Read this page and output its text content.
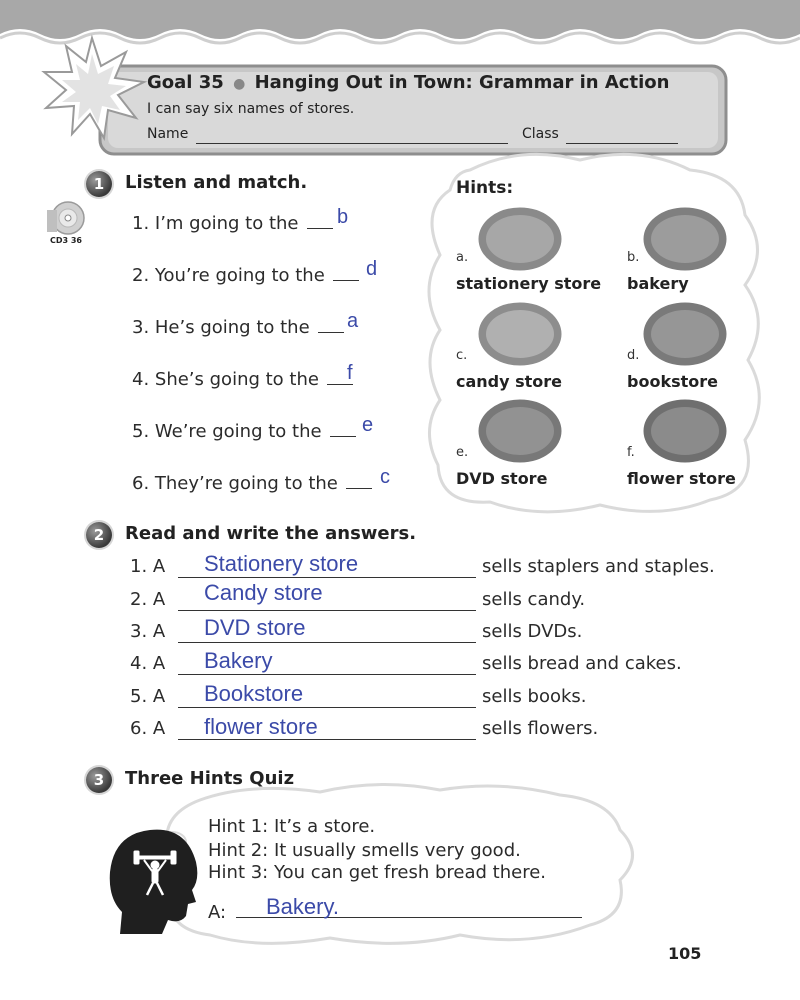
Goal 35 ● Hanging Out in Town: Grammar in Action
I can say six names of stores.
Name	Class
1	Listen and match.
CD3 36
1. I’m going to the	b
2. You’re going to the	d
3. He’s going to the	a
4. She’s going to the	f
5. We’re going to the	e
6. They’re going to the	c
Hints:
a.
stationery store
b.
bakery
c.
candy store
d.
bookstore
e.
DVD store
f.
flower store
2	Read and write the answers.
1. A Stationery store	sells staplers and staples.
2. A Candy store	sells candy.
3. A DVD store	sells DVDs.
4. A Bakery	sells bread and cakes.
5. A Bookstore	sells books.
6. A flower store	sells flowers.
3	Three Hints Quiz
Hint 1: It’s a store.
Hint 2: It usually smells very good.
Hint 3: You can get fresh bread there.
A: Bakery.
105
